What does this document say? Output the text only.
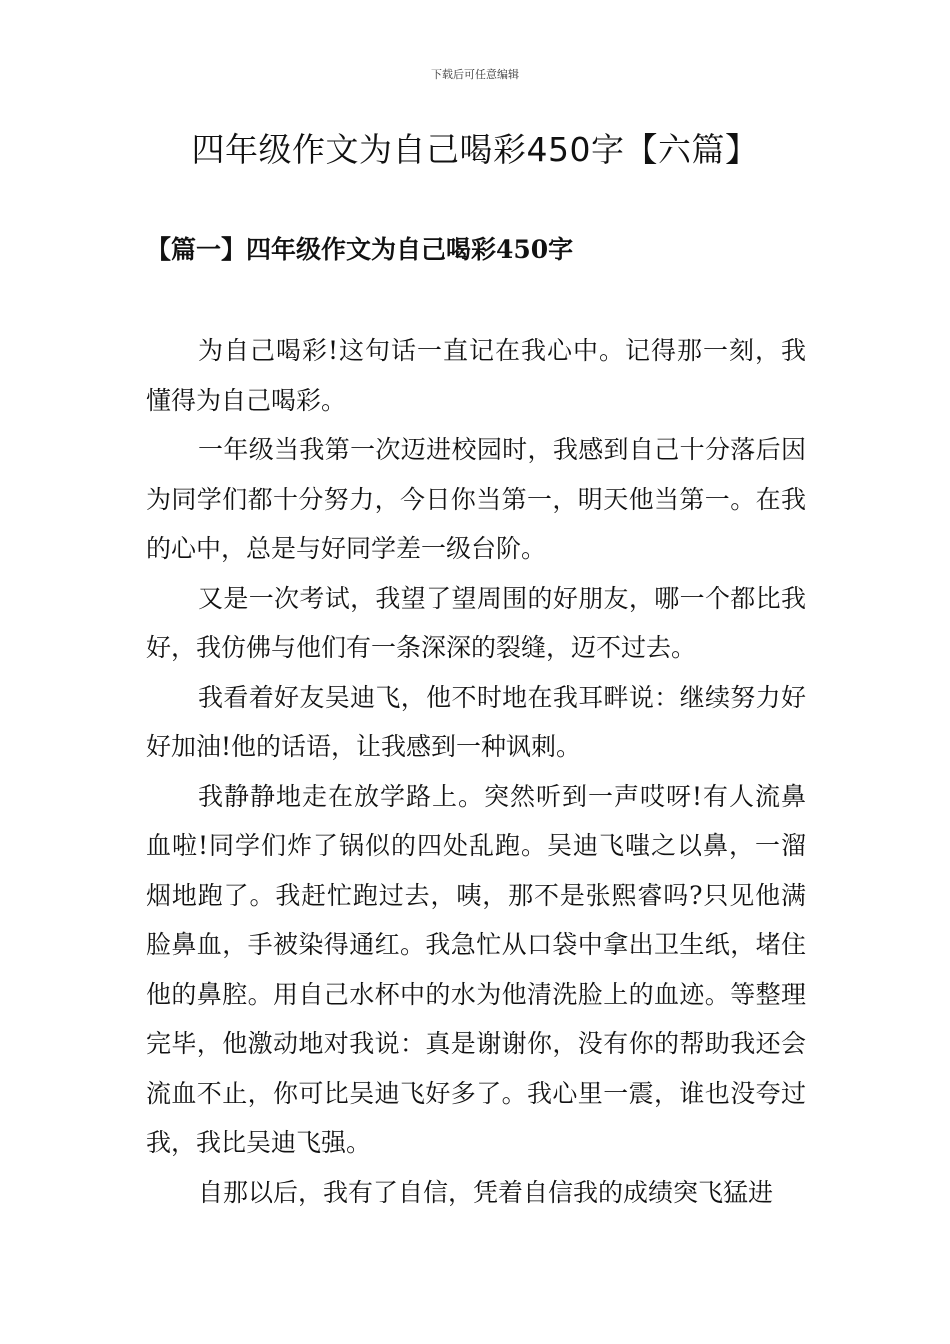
下载后可任意编辑
四年级作文为自己喝彩450字【六篇】
【篇一】四年级作文为自己喝彩450字

为自己喝彩!这句话一直记在我心中。记得那一刻，我懂得为自己喝彩。

一年级当我第一次迈进校园时，我感到自己十分落后因为同学们都十分努力，今日你当第一，明天他当第一。在我的心中，总是与好同学差一级台阶。

又是一次考试，我望了望周围的好朋友，哪一个都比我好，我仿佛与他们有一条深深的裂缝，迈不过去。

我看着好友吴迪飞，他不时地在我耳畔说：继续努力好好加油!他的话语，让我感到一种讽刺。

我静静地走在放学路上。突然听到一声哎呀!有人流鼻血啦!同学们炸了锅似的四处乱跑。吴迪飞嗤之以鼻，一溜烟地跑了。我赶忙跑过去，咦，那不是张熙睿吗?只见他满脸鼻血，手被染得通红。我急忙从口袋中拿出卫生纸，堵住他的鼻腔。用自己水杯中的水为他清洗脸上的血迹。等整理完毕，他激动地对我说：真是谢谢你，没有你的帮助我还会流血不止，你可比吴迪飞好多了。我心里一震，谁也没夸过我，我比吴迪飞强。

自那以后，我有了自信，凭着自信我的成绩突飞猛进
